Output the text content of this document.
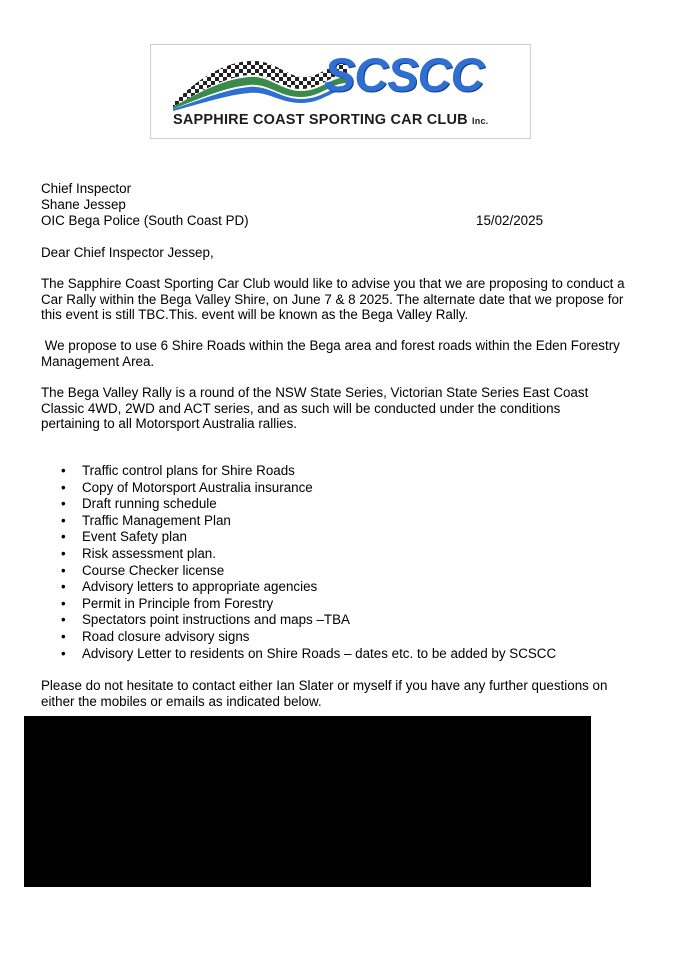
SCSCC
SAPPHIRE COAST SPORTING CAR CLUB Inc.
Chief Inspector
Shane Jessep
OIC Bega Police (South Coast PD)	15/02/2025
Dear Chief Inspector Jessep,
The Sapphire Coast Sporting Car Club would like to advise you that we are proposing to conduct a Car Rally within the Bega Valley Shire, on June 7 & 8 2025. The alternate date that we propose for this event is still TBC.This. event will be known as the Bega Valley Rally.
We propose to use 6 Shire Roads within the Bega area and forest roads within the Eden Forestry Management Area.
The Bega Valley Rally is a round of the NSW State Series, Victorian State Series East Coast Classic 4WD, 2WD and ACT series, and as such will be conducted under the conditions pertaining to all Motorsport Australia rallies.
• Traffic control plans for Shire Roads
• Copy of Motorsport Australia insurance
• Draft running schedule
• Traffic Management Plan
• Event Safety plan
• Risk assessment plan.
• Course Checker license
• Advisory letters to appropriate agencies
• Permit in Principle from Forestry
• Spectators point instructions and maps –TBA
• Road closure advisory signs
• Advisory Letter to residents on Shire Roads – dates etc. to be added by SCSCC
Please do not hesitate to contact either Ian Slater or myself if you have any further questions on either the mobiles or emails as indicated below.
